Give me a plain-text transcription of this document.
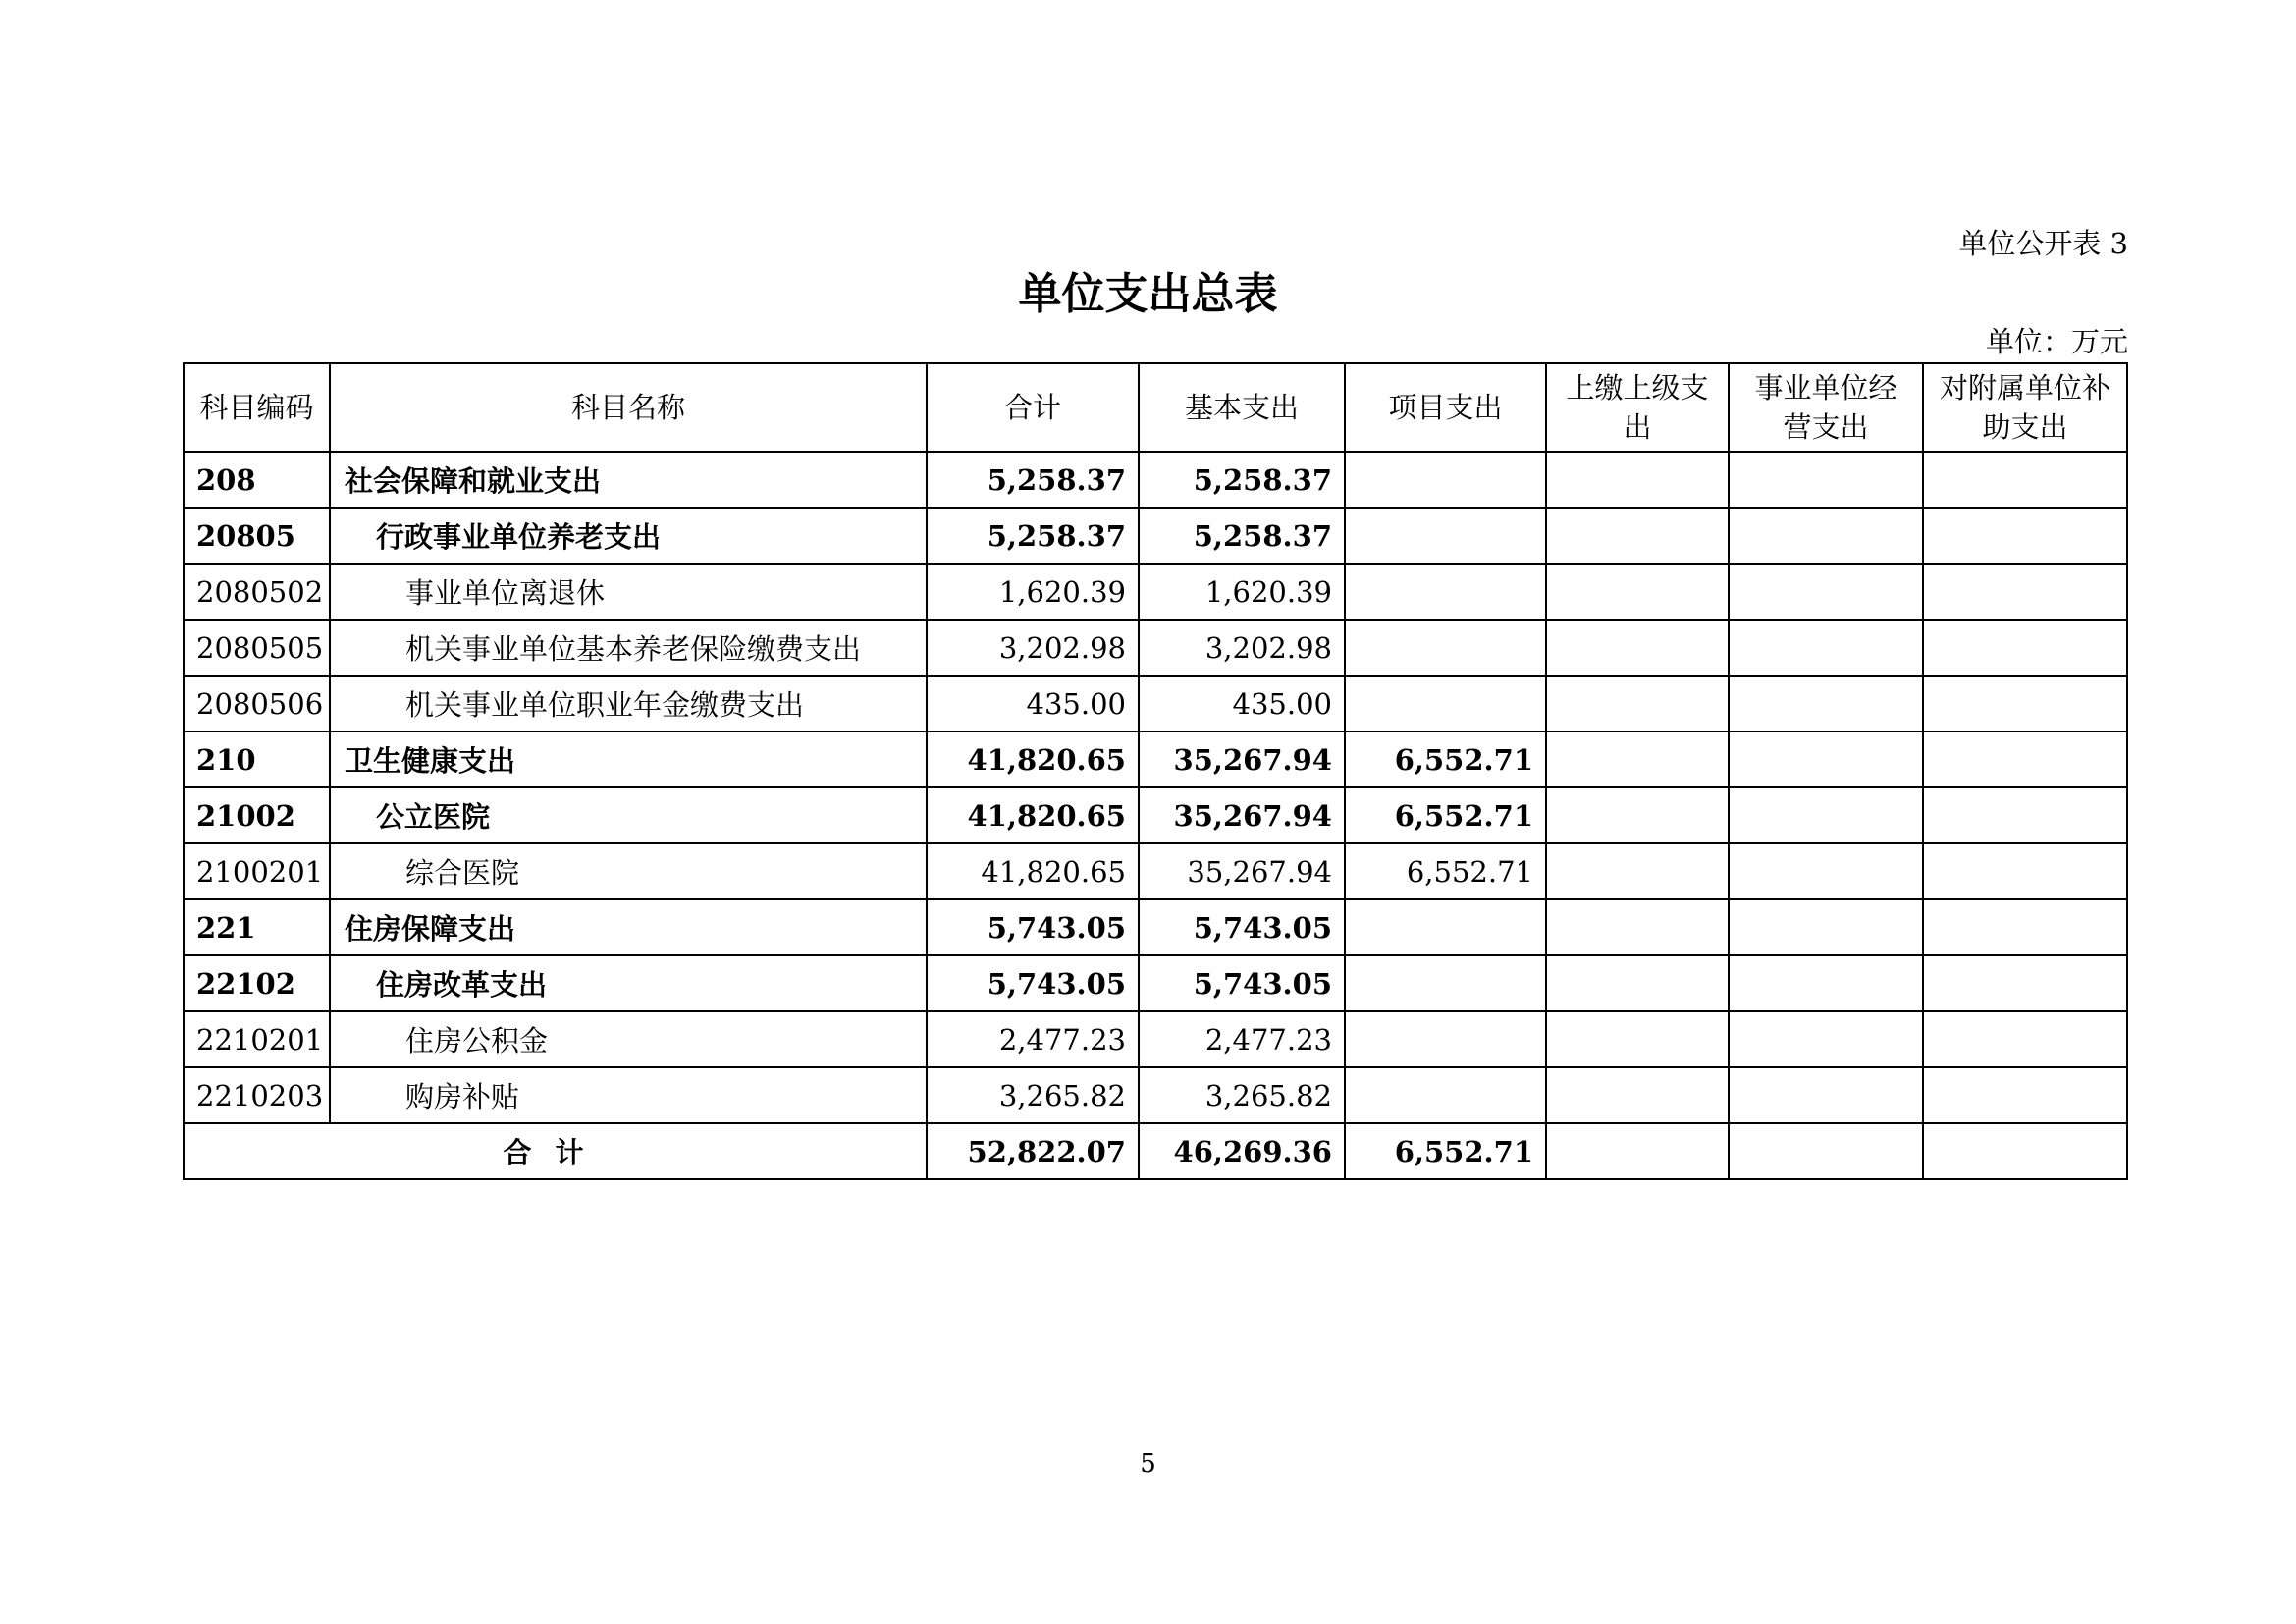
单位公开表 3
单位支出总表
单位：万元
科目编码	科目名称	合计	基本支出	项目支出	上缴上级支出	事业单位经营支出	对附属单位补助支出
208	社会保障和就业支出	5,258.37	5,258.37				
20805	行政事业单位养老支出	5,258.37	5,258.37				
2080502	事业单位离退休	1,620.39	1,620.39				
2080505	机关事业单位基本养老保险缴费支出	3,202.98	3,202.98				
2080506	机关事业单位职业年金缴费支出	435.00	435.00				
210	卫生健康支出	41,820.65	35,267.94	6,552.71			
21002	公立医院	41,820.65	35,267.94	6,552.71			
2100201	综合医院	41,820.65	35,267.94	6,552.71			
221	住房保障支出	5,743.05	5,743.05				
22102	住房改革支出	5,743.05	5,743.05				
2210201	住房公积金	2,477.23	2,477.23				
2210203	购房补贴	3,265.82	3,265.82				
合计		52,822.07	46,269.36	6,552.71			
5
